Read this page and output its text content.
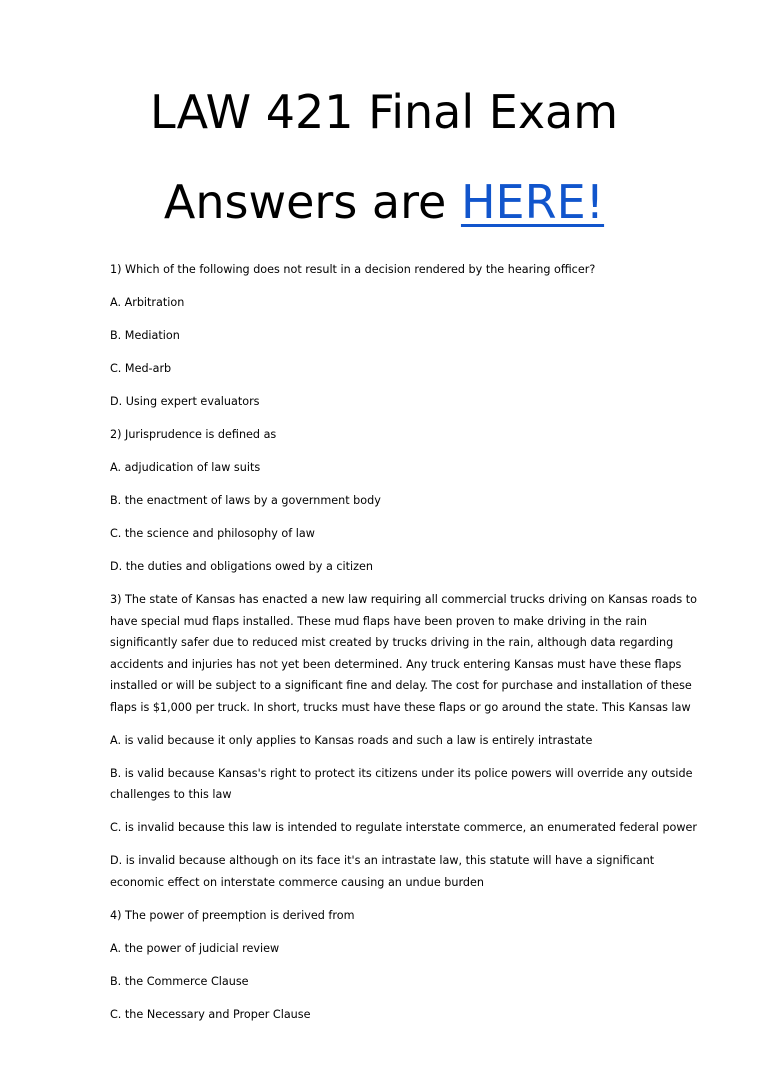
LAW 421 Final Exam
Answers are HERE!

1) Which of the following does not result in a decision rendered by the hearing officer?

A. Arbitration

B. Mediation

C. Med-arb

D. Using expert evaluators

2) Jurisprudence is defined as

A. adjudication of law suits

B. the enactment of laws by a government body

C. the science and philosophy of law

D. the duties and obligations owed by a citizen

3) The state of Kansas has enacted a new law requiring all commercial trucks driving on Kansas roads to
have special mud flaps installed. These mud flaps have been proven to make driving in the rain
significantly safer due to reduced mist created by trucks driving in the rain, although data regarding
accidents and injuries has not yet been determined. Any truck entering Kansas must have these flaps
installed or will be subject to a significant fine and delay. The cost for purchase and installation of these
flaps is $1,000 per truck. In short, trucks must have these flaps or go around the state. This Kansas law

A. is valid because it only applies to Kansas roads and such a law is entirely intrastate

B. is valid because Kansas's right to protect its citizens under its police powers will override any outside
challenges to this law

C. is invalid because this law is intended to regulate interstate commerce, an enumerated federal power

D. is invalid because although on its face it's an intrastate law, this statute will have a significant
economic effect on interstate commerce causing an undue burden

4) The power of preemption is derived from

A. the power of judicial review

B. the Commerce Clause

C. the Necessary and Proper Clause
